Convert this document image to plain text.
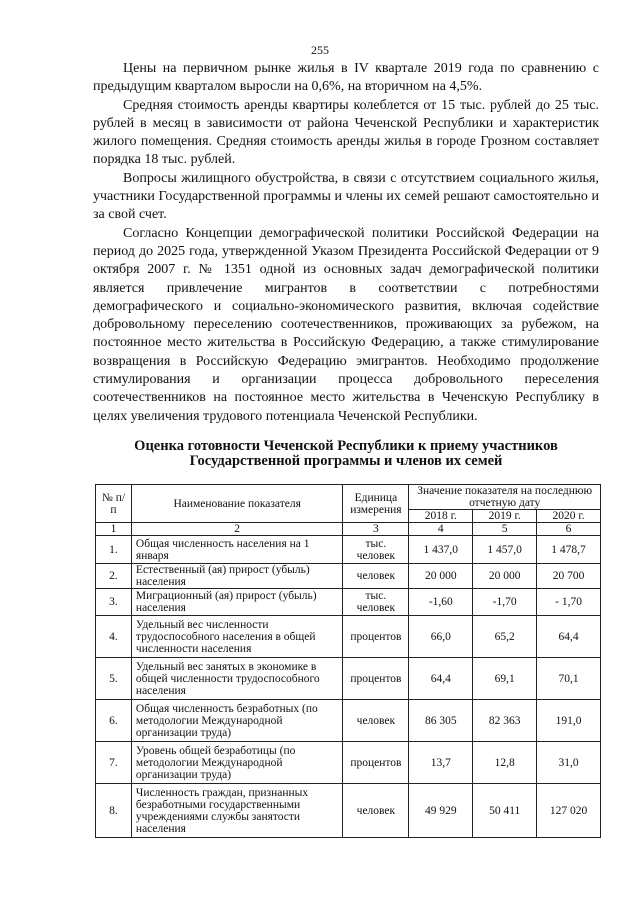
255

Цены на первичном рынке жилья в IV квартале 2019 года по сравнению с предыдущим кварталом выросли на 0,6%, на вторичном на 4,5%.

Средняя стоимость аренды квартиры колеблется от 15 тыс. рублей до 25 тыс. рублей в месяц в зависимости от района Чеченской Республики и характеристик жилого помещения. Средняя стоимость аренды жилья в городе Грозном составляет порядка 18 тыс. рублей.

Вопросы жилищного обустройства, в связи с отсутствием социального жилья, участники Государственной программы и члены их семей решают самостоятельно и за свой счет.

Согласно Концепции демографической политики Российской Федерации на период до 2025 года, утвержденной Указом Президента Российской Федерации от 9 октября 2007 г. № 1351 одной из основных задач демографической политики является привлечение мигрантов в соответствии с потребностями демографического и социально-экономического развития, включая содействие добровольному переселению соотечественников, проживающих за рубежом, на постоянное место жительства в Российскую Федерацию, а также стимулирование возвращения в Российскую Федерацию эмигрантов. Необходимо продолжение стимулирования и организации процесса добровольного переселения соотечественников на постоянное место жительства в Чеченскую Республику в целях увеличения трудового потенциала Чеченской Республики.

Оценка готовности Чеченской Республики к приему участников
Государственной программы и членов их семей
№ п/п	Наименование показателя	Единица измерения	Значение показателя на последнюю отчетную дату		
			2018 г.	2019 г.	2020 г.
1	2	3	4	5	6
1.	Общая численность населения на 1 января	тыс. человек	1 437,0	1 457,0	1 478,7
2.	Естественный (ая) прирост (убыль) населения	человек	20 000	20 000	20 700
3.	Миграционный (ая) прирост (убыль) населения	тыс. человек	-1,60	-1,70	- 1,70
4.	Удельный вес численности трудоспособного населения в общей численности населения	процентов	66,0	65,2	64,4
5.	Удельный вес занятых в экономике в общей численности трудоспособного населения	процентов	64,4	69,1	70,1
6.	Общая численность безработных (по методологии Международной организации труда)	человек	86 305	82 363	191,0
7.	Уровень общей безработицы (по методологии Международной организации труда)	процентов	13,7	12,8	31,0
8.	Численность граждан, признанных безработными государственными учреждениями службы занятости населения	человек	49 929	50 411	127 020
